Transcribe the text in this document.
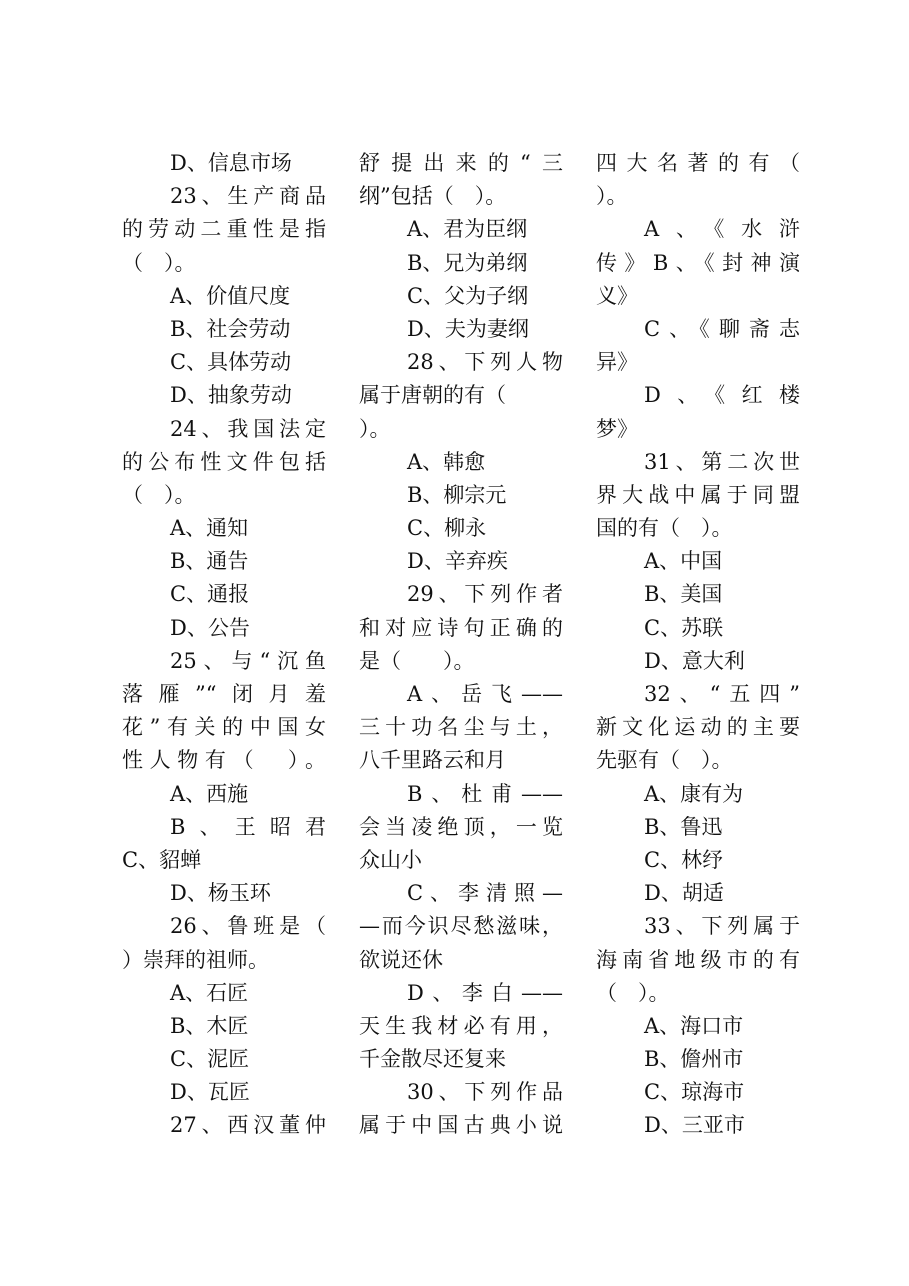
D、信息市场
23、生产商品
的劳动二重性是指
（　）。
A、价值尺度
B、社会劳动
C、具体劳动
D、抽象劳动
24、我国法定
的公布性文件包括
（　）。
A、通知
B、通告
C、通报
D、公告
25、与“沉鱼
落雁”“闭月羞
花”有关的中国女
性人物有（　）。
A、西施
B、王昭君
C、貂蝉
D、杨玉环
26、鲁班是（
）崇拜的祖师。
A、石匠
B、木匠
C、泥匠
D、瓦匠
27、西汉董仲
舒提出来的“三
纲”包括（　）。
A、君为臣纲
B、兄为弟纲
C、父为子纲
D、夫为妻纲
28、下列人物
属于唐朝的有（
）。
A、韩愈
B、柳宗元
C、柳永
D、辛弃疾
29、下列作者
和对应诗句正确的
是（　　）。
A、岳飞——
三十功名尘与土，
八千里路云和月
B、杜甫——
会当凌绝顶，一览
众山小
C、李清照—
—而今识尽愁滋味，
欲说还休
D、李白——
天生我材必有用，
千金散尽还复来
30、下列作品
属于中国古典小说
四大名著的有（
）。
A、《水浒
传》B、《封神演
义》
C、《聊斋志
异》
D、《红楼
梦》
31、第二次世
界大战中属于同盟
国的有（　）。
A、中国
B、美国
C、苏联
D、意大利
32、“五四”
新文化运动的主要
先驱有（　）。
A、康有为
B、鲁迅
C、林纾
D、胡适
33、下列属于
海南省地级市的有
（　）。
A、海口市
B、儋州市
C、琼海市
D、三亚市
